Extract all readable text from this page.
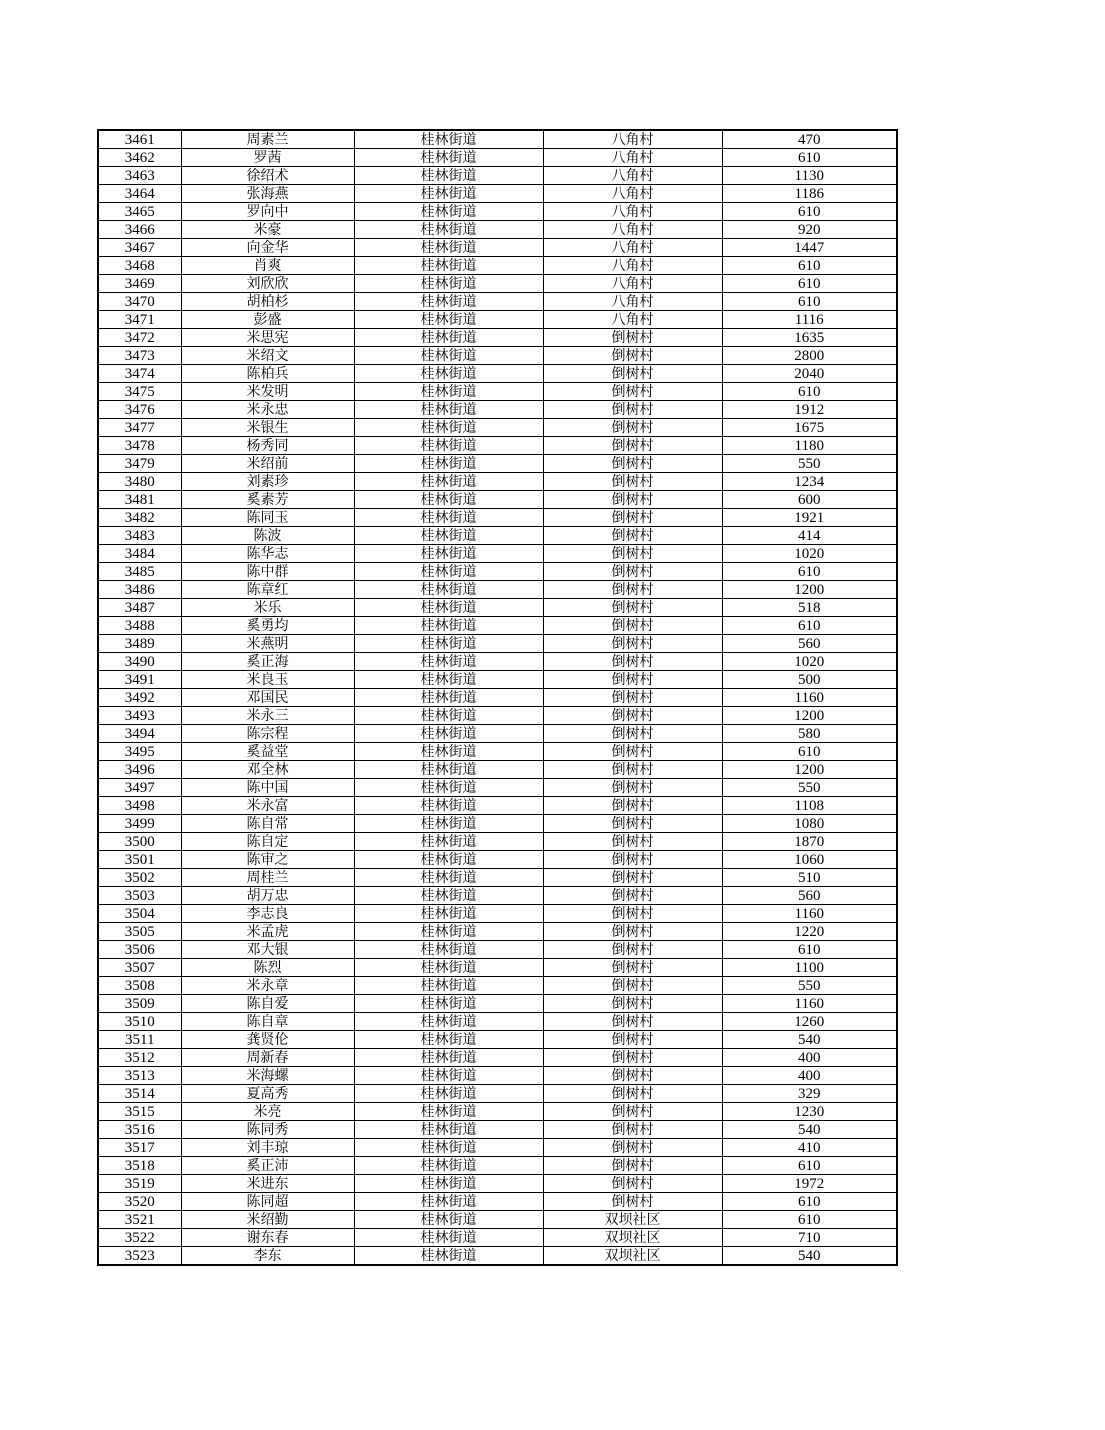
3461	周素兰	桂林街道	八角村	470
3462	罗茜	桂林街道	八角村	610
3463	徐绍术	桂林街道	八角村	1130
3464	张海燕	桂林街道	八角村	1186
3465	罗向中	桂林街道	八角村	610
3466	米豪	桂林街道	八角村	920
3467	向金华	桂林街道	八角村	1447
3468	肖爽	桂林街道	八角村	610
3469	刘欣欣	桂林街道	八角村	610
3470	胡柏杉	桂林街道	八角村	610
3471	彭盛	桂林街道	八角村	1116
3472	米思宪	桂林街道	倒树村	1635
3473	米绍文	桂林街道	倒树村	2800
3474	陈柏兵	桂林街道	倒树村	2040
3475	米发明	桂林街道	倒树村	610
3476	米永忠	桂林街道	倒树村	1912
3477	米银生	桂林街道	倒树村	1675
3478	杨秀同	桂林街道	倒树村	1180
3479	米绍前	桂林街道	倒树村	550
3480	刘素珍	桂林街道	倒树村	1234
3481	奚素芳	桂林街道	倒树村	600
3482	陈同玉	桂林街道	倒树村	1921
3483	陈波	桂林街道	倒树村	414
3484	陈华志	桂林街道	倒树村	1020
3485	陈中群	桂林街道	倒树村	610
3486	陈章红	桂林街道	倒树村	1200
3487	米乐	桂林街道	倒树村	518
3488	奚勇均	桂林街道	倒树村	610
3489	米燕明	桂林街道	倒树村	560
3490	奚正海	桂林街道	倒树村	1020
3491	米良玉	桂林街道	倒树村	500
3492	邓国民	桂林街道	倒树村	1160
3493	米永三	桂林街道	倒树村	1200
3494	陈宗程	桂林街道	倒树村	580
3495	奚益堂	桂林街道	倒树村	610
3496	邓全林	桂林街道	倒树村	1200
3497	陈中国	桂林街道	倒树村	550
3498	米永富	桂林街道	倒树村	1108
3499	陈自常	桂林街道	倒树村	1080
3500	陈自定	桂林街道	倒树村	1870
3501	陈审之	桂林街道	倒树村	1060
3502	周桂兰	桂林街道	倒树村	510
3503	胡万忠	桂林街道	倒树村	560
3504	李志良	桂林街道	倒树村	1160
3505	米孟虎	桂林街道	倒树村	1220
3506	邓大银	桂林街道	倒树村	610
3507	陈烈	桂林街道	倒树村	1100
3508	米永章	桂林街道	倒树村	550
3509	陈自爱	桂林街道	倒树村	1160
3510	陈自章	桂林街道	倒树村	1260
3511	龚贤伦	桂林街道	倒树村	540
3512	周新春	桂林街道	倒树村	400
3513	米海螺	桂林街道	倒树村	400
3514	夏高秀	桂林街道	倒树村	329
3515	米亮	桂林街道	倒树村	1230
3516	陈同秀	桂林街道	倒树村	540
3517	刘丰琼	桂林街道	倒树村	410
3518	奚正沛	桂林街道	倒树村	610
3519	米进东	桂林街道	倒树村	1972
3520	陈同超	桂林街道	倒树村	610
3521	米绍勤	桂林街道	双坝社区	610
3522	谢东春	桂林街道	双坝社区	710
3523	李东	桂林街道	双坝社区	540
